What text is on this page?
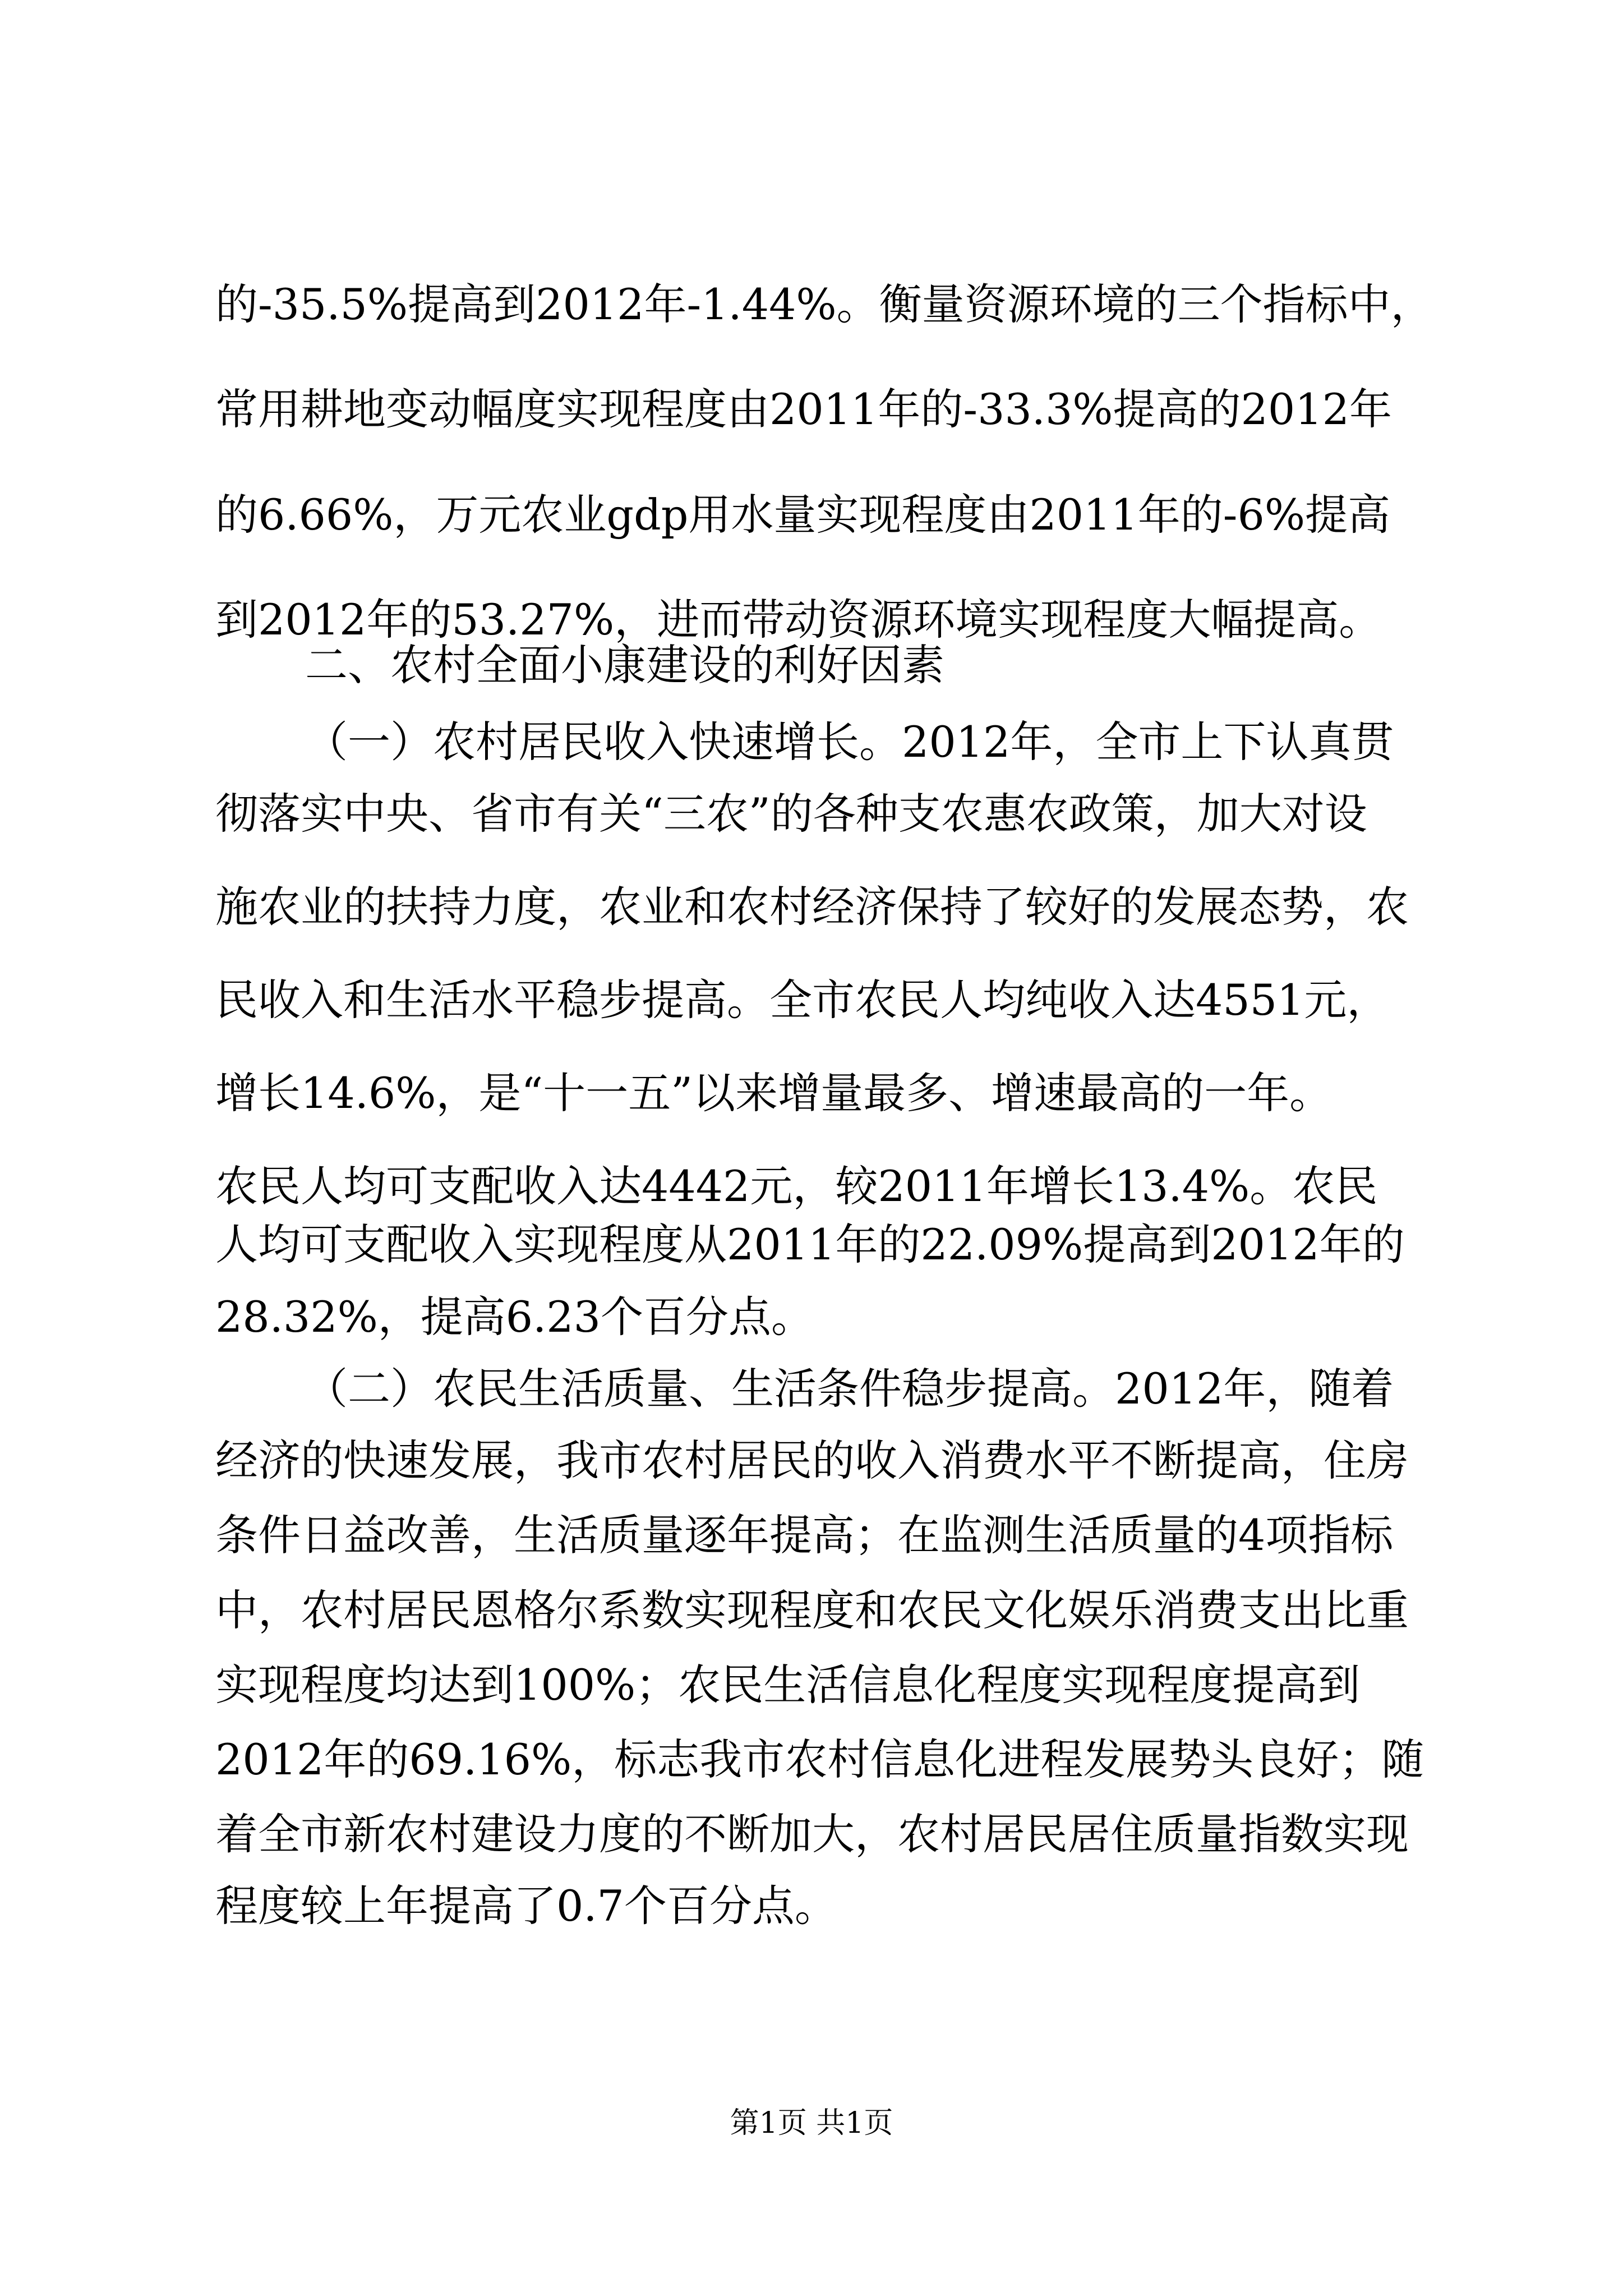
的-35.5%提高到2012年-1.44%。衡量资源环境的三个指标中，
常用耕地变动幅度实现程度由2011年的-33.3%提高的2012年
的6.66%，万元农业gdp用水量实现程度由2011年的-6%提高
到2012年的53.27%，进而带动资源环境实现程度大幅提高。
二、农村全面小康建设的利好因素
（一）农村居民收入快速增长。2012年，全市上下认真贯
彻落实中央、省市有关“三农”的各种支农惠农政策，加大对设
施农业的扶持力度，农业和农村经济保持了较好的发展态势，农
民收入和生活水平稳步提高。全市农民人均纯收入达4551元，
增长14.6%，是“十一五”以来增量最多、增速最高的一年。
农民人均可支配收入达4442元，较2011年增长13.4%。农民
人均可支配收入实现程度从2011年的22.09%提高到2012年的
28.32%，提高6.23个百分点。
（二）农民生活质量、生活条件稳步提高。2012年，随着
经济的快速发展，我市农村居民的收入消费水平不断提高，住房
条件日益改善，生活质量逐年提高；在监测生活质量的4项指标
中，农村居民恩格尔系数实现程度和农民文化娱乐消费支出比重
实现程度均达到100%；农民生活信息化程度实现程度提高到
2012年的69.16%，标志我市农村信息化进程发展势头良好；随
着全市新农村建设力度的不断加大，农村居民居住质量指数实现
程度较上年提高了0.7个百分点。
第1页 共1页
